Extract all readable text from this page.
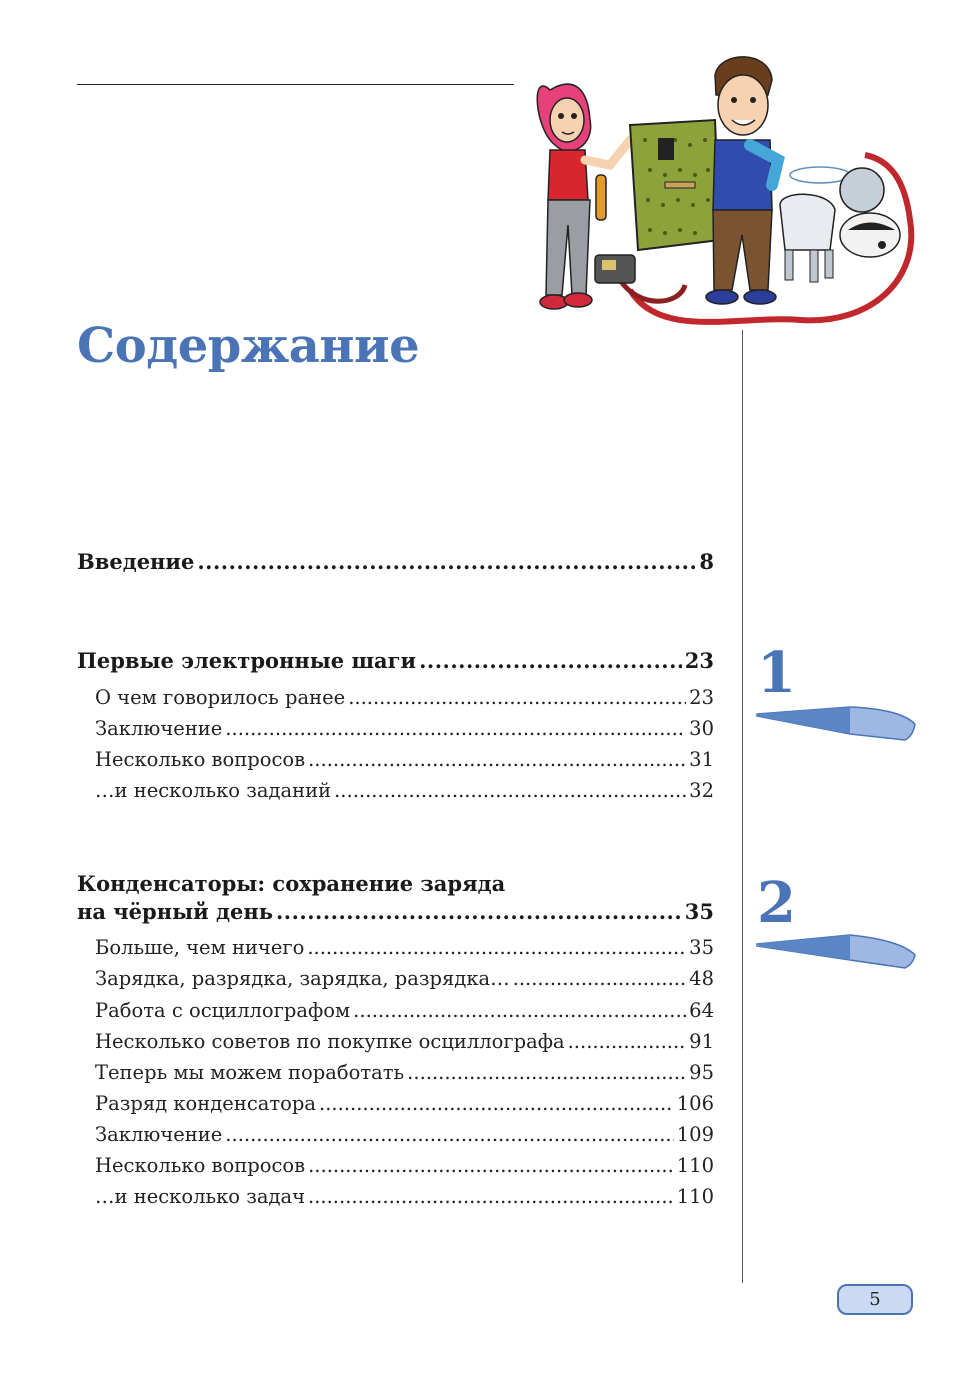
Содержание
Введение .....	8
Первые электронные шаги .....	23
О чем говорилось ранее .....	23
Заключение .....	30
Несколько вопросов .....	31
…и несколько заданий .....	32
Конденсаторы: сохранение заряда
на чёрный день .....	35
Больше, чем ничего .....	35
Зарядка, разрядка, зарядка, разрядка… .....	48
Работа с осциллографом .....	64
Несколько советов по покупке осциллографа .....	91
Теперь мы можем поработать .....	95
Разряд конденсатора .....	106
Заключение .....	109
Несколько вопросов .....	110
…и несколько задач .....	110
1
2
5
